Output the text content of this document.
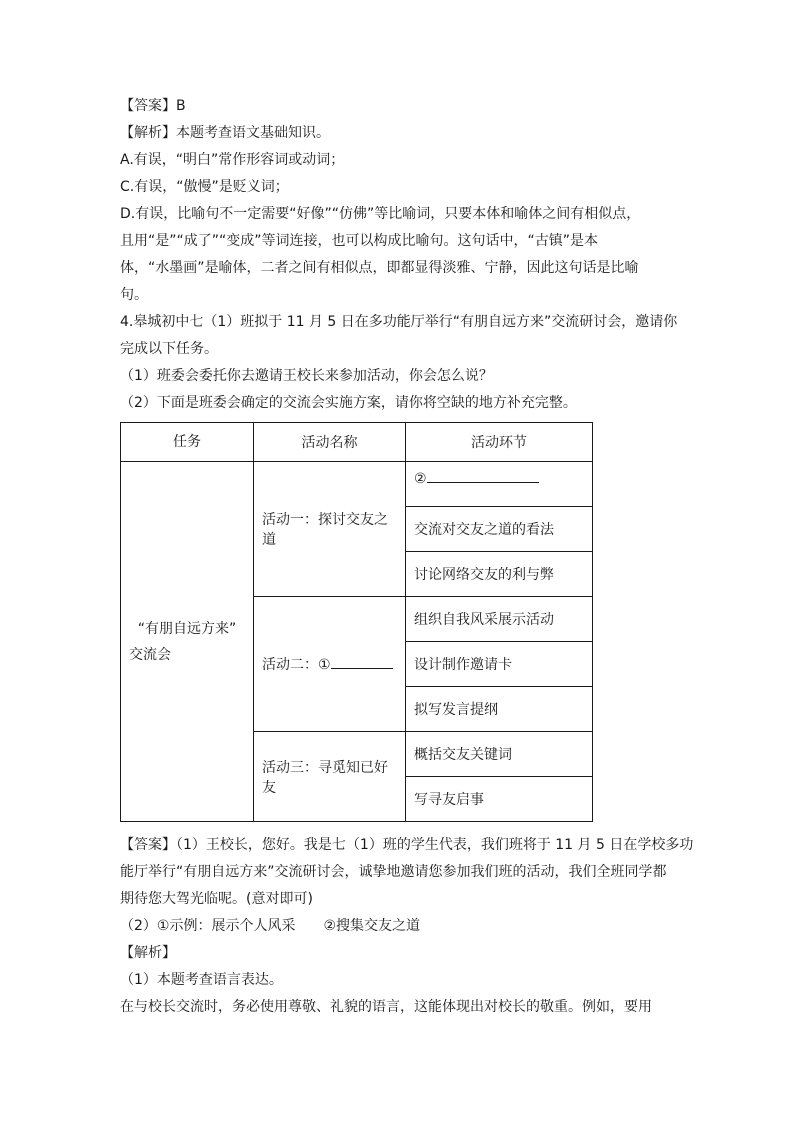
【答案】B
【解析】本题考查语文基础知识。
A.有误，“明白”常作形容词或动词；
C.有误，“傲慢”是贬义词；
D.有误，比喻句不一定需要“好像”“仿佛”等比喻词，只要本体和喻体之间有相似点，
且用“是”“成了”“变成”等词连接，也可以构成比喻句。这句话中，“古镇”是本
体，“水墨画”是喻体，二者之间有相似点，即都显得淡雅、宁静，因此这句话是比喻
句。
4.皋城初中七（1）班拟于 11 月 5 日在多功能厅举行“有朋自远方来”交流研讨会，邀请你
完成以下任务。
（1）班委会委托你去邀请王校长来参加活动，你会怎么说？
（2）下面是班委会确定的交流会实施方案，请你将空缺的地方补充完整。
任务	活动名称	活动环节

“有朋自远方来”
交流会	活动一：探讨交友之道	②
		交流对交友之道的看法
		讨论网络交友的利与弊
	活动二：①	组织自我风采展示活动
		设计制作邀请卡
		拟写发言提纲
	活动三：寻觅知已好友	概括交友关键词
		写寻友启事
【答案】（1）王校长，您好。我是七（1）班的学生代表，我们班将于 11 月 5 日在学校多功
能厅举行“有朋自远方来”交流研讨会，诚挚地邀请您参加我们班的活动，我们全班同学都
期待您大驾光临呢。(意对即可)
（2）①示例：展示个人风采　　②搜集交友之道
【解析】
（1）本题考查语言表达。
在与校长交流时，务必使用尊敬、礼貌的语言，这能体现出对校长的敬重。例如，要用
